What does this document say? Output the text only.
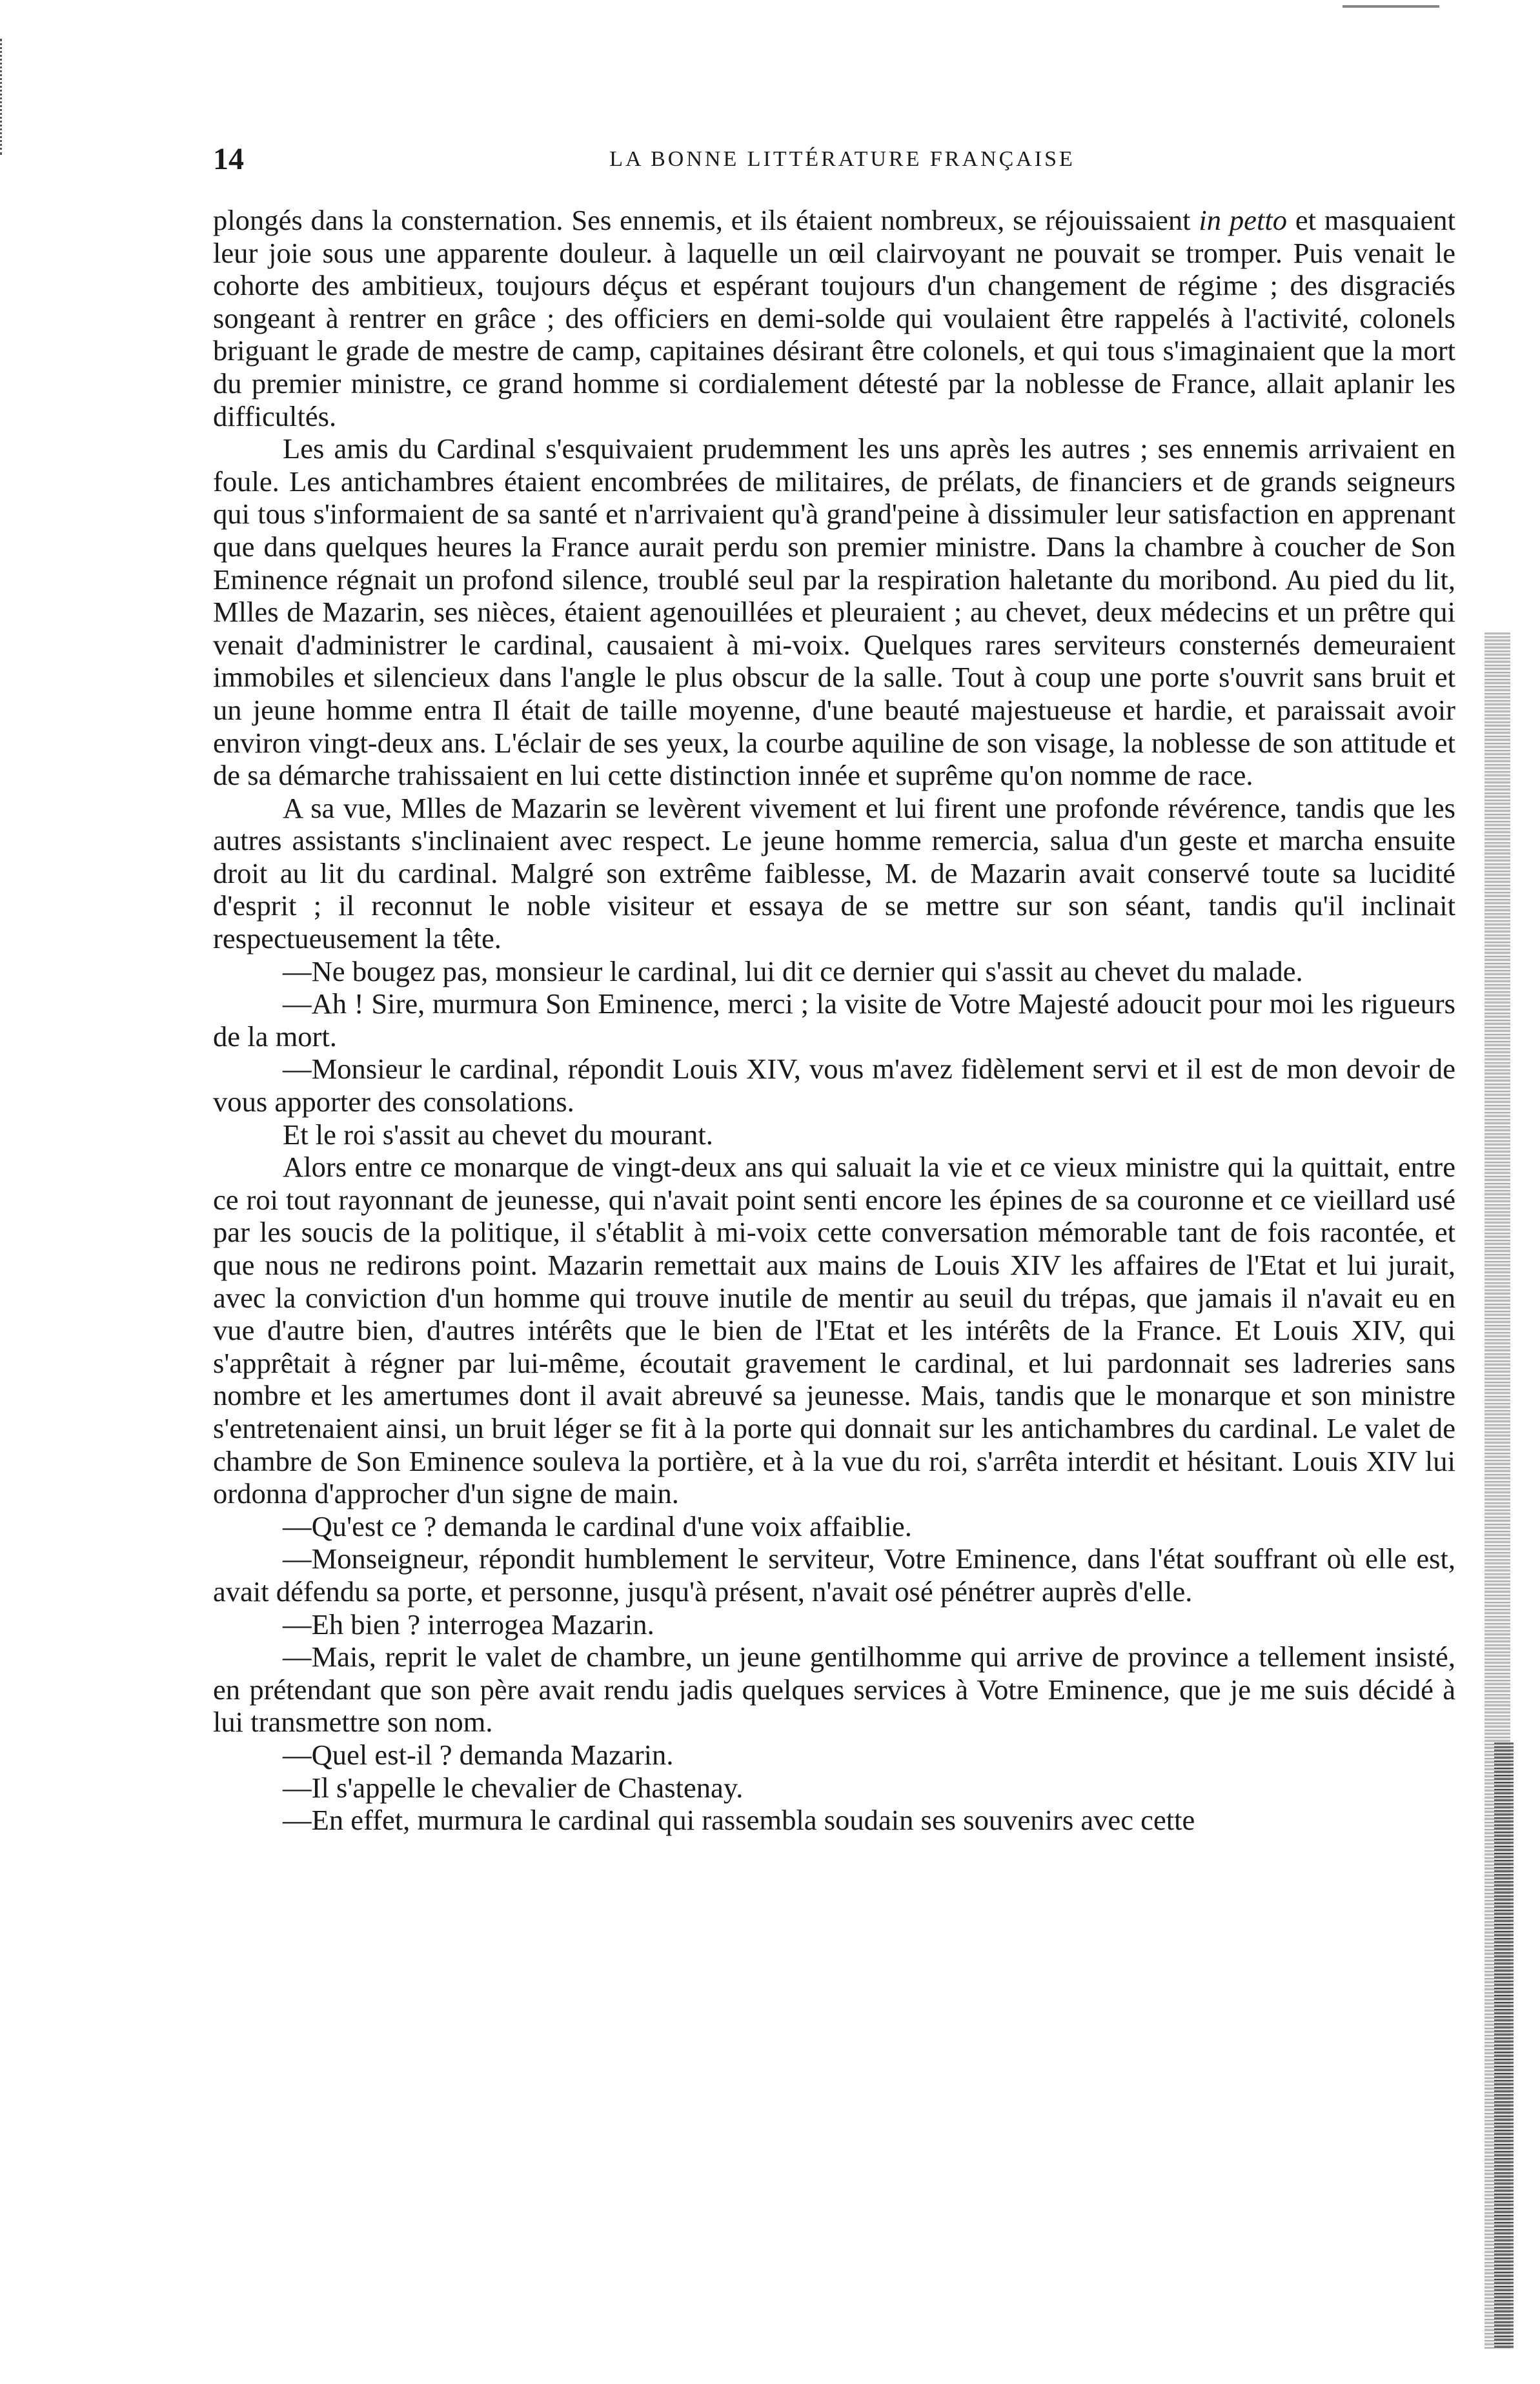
14	LA BONNE LITTÉRATURE FRANÇAISE

plongés dans la consternation. Ses ennemis, et ils étaient nombreux, se réjouissaient in petto et masquaient leur joie sous une apparente douleur. à laquelle un œil clairvoyant ne pouvait se tromper. Puis venait le cohorte des ambitieux, toujours déçus et espérant toujours d'un changement de régime ; des disgraciés songeant à rentrer en grâce ; des officiers en demi-solde qui voulaient être rappelés à l'activité, colonels briguant le grade de mestre de camp, capitaines désirant être colonels, et qui tous s'imaginaient que la mort du premier ministre, ce grand homme si cordialement détesté par la noblesse de France, allait aplanir les difficultés.

Les amis du Cardinal s'esquivaient prudemment les uns après les autres ; ses ennemis arrivaient en foule. Les antichambres étaient encombrées de militaires, de prélats, de financiers et de grands seigneurs qui tous s'informaient de sa santé et n'arrivaient qu'à grand'peine à dissimuler leur satisfaction en apprenant que dans quelques heures la France aurait perdu son premier ministre. Dans la chambre à coucher de Son Eminence régnait un profond silence, troublé seul par la respiration haletante du moribond. Au pied du lit, Mlles de Mazarin, ses nièces, étaient agenouillées et pleuraient ; au chevet, deux médecins et un prêtre qui venait d'administrer le cardinal, causaient à mi-voix. Quelques rares serviteurs consternés demeuraient immobiles et silencieux dans l'angle le plus obscur de la salle. Tout à coup une porte s'ouvrit sans bruit et un jeune homme entra Il était de taille moyenne, d'une beauté majestueuse et hardie, et paraissait avoir environ vingt-deux ans. L'éclair de ses yeux, la courbe aquiline de son visage, la noblesse de son attitude et de sa démarche trahissaient en lui cette distinction innée et suprême qu'on nomme de race.

A sa vue, Mlles de Mazarin se levèrent vivement et lui firent une profonde révérence, tandis que les autres assistants s'inclinaient avec respect. Le jeune homme remercia, salua d'un geste et marcha ensuite droit au lit du cardinal. Malgré son extrême faiblesse, M. de Mazarin avait conservé toute sa lucidité d'esprit ; il reconnut le noble visiteur et essaya de se mettre sur son séant, tandis qu'il inclinait respectueusement la tête.

—Ne bougez pas, monsieur le cardinal, lui dit ce dernier qui s'assit au chevet du malade.

—Ah ! Sire, murmura Son Eminence, merci ; la visite de Votre Majesté adoucit pour moi les rigueurs de la mort.

—Monsieur le cardinal, répondit Louis XIV, vous m'avez fidèlement servi et il est de mon devoir de vous apporter des consolations.

Et le roi s'assit au chevet du mourant.

Alors entre ce monarque de vingt-deux ans qui saluait la vie et ce vieux ministre qui la quittait, entre ce roi tout rayonnant de jeunesse, qui n'avait point senti encore les épines de sa couronne et ce vieillard usé par les soucis de la politique, il s'établit à mi-voix cette conversation mémorable tant de fois racontée, et que nous ne redirons point. Mazarin remettait aux mains de Louis XIV les affaires de l'Etat et lui jurait, avec la conviction d'un homme qui trouve inutile de mentir au seuil du trépas, que jamais il n'avait eu en vue d'autre bien, d'autres intérêts que le bien de l'Etat et les intérêts de la France. Et Louis XIV, qui s'apprêtait à régner par lui-même, écoutait gravement le cardinal, et lui pardonnait ses ladreries sans nombre et les amertumes dont il avait abreuvé sa jeunesse. Mais, tandis que le monarque et son ministre s'entretenaient ainsi, un bruit léger se fit à la porte qui donnait sur les antichambres du cardinal. Le valet de chambre de Son Eminence souleva la portière, et à la vue du roi, s'arrêta interdit et hésitant. Louis XIV lui ordonna d'approcher d'un signe de main.

—Qu'est ce ? demanda le cardinal d'une voix affaiblie.

—Monseigneur, répondit humblement le serviteur, Votre Eminence, dans l'état souffrant où elle est, avait défendu sa porte, et personne, jusqu'à présent, n'avait osé pénétrer auprès d'elle.

—Eh bien ? interrogea Mazarin.

—Mais, reprit le valet de chambre, un jeune gentilhomme qui arrive de province a tellement insisté, en prétendant que son père avait rendu jadis quelques services à Votre Eminence, que je me suis décidé à lui transmettre son nom.

—Quel est-il ? demanda Mazarin.

—Il s'appelle le chevalier de Chastenay.

—En effet, murmura le cardinal qui rassembla soudain ses souvenirs avec cette
